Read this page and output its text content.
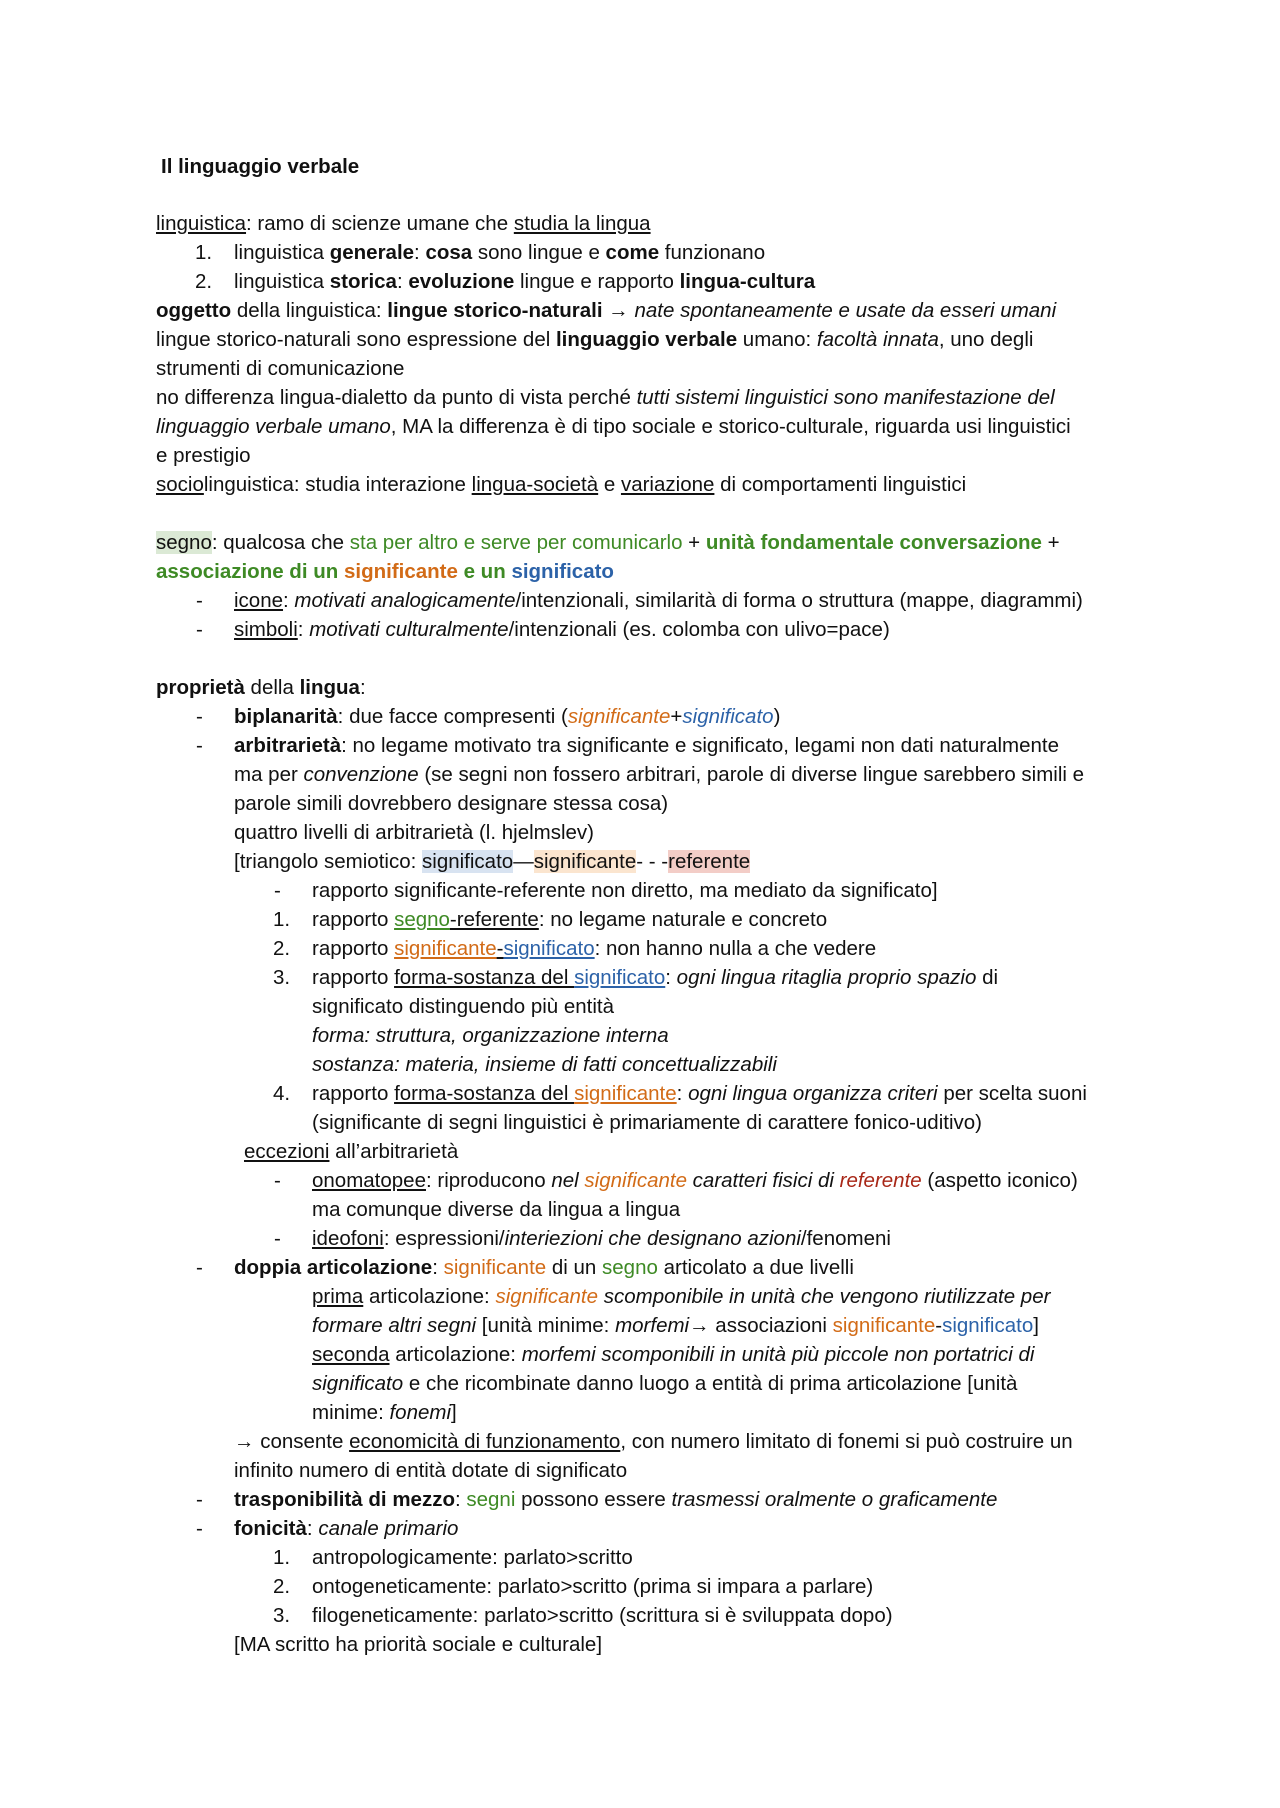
Il linguaggio verbale
linguistica: ramo di scienze umane che studia la lingua
1. linguistica generale: cosa sono lingue e come funzionano
2. linguistica storica: evoluzione lingue e rapporto lingua-cultura
oggetto della linguistica: lingue storico-naturali → nate spontaneamente e usate da esseri umani
lingue storico-naturali sono espressione del linguaggio verbale umano: facoltà innata, uno degli
strumenti di comunicazione
no differenza lingua-dialetto da punto di vista perché tutti sistemi linguistici sono manifestazione del
linguaggio verbale umano, MA la differenza è di tipo sociale e storico-culturale, riguarda usi linguistici
e prestigio
sociolinguistica: studia interazione lingua-società e variazione di comportamenti linguistici
segno: qualcosa che sta per altro e serve per comunicarlo + unità fondamentale conversazione +
associazione di un significante e un significato
- icone: motivati analogicamente/intenzionali, similarità di forma o struttura (mappe, diagrammi)
- simboli: motivati culturalmente/intenzionali (es. colomba con ulivo=pace)
proprietà della lingua:
- biplanarità: due facce compresenti (significante+significato)
- arbitrarietà: no legame motivato tra significante e significato, legami non dati naturalmente
ma per convenzione (se segni non fossero arbitrari, parole di diverse lingue sarebbero simili e
parole simili dovrebbero designare stessa cosa)
quattro livelli di arbitrarietà (l. hjelmslev)
[triangolo semiotico: significato—significante- - -referente
- rapporto significante-referente non diretto, ma mediato da significato]
1. rapporto segno-referente: no legame naturale e concreto
2. rapporto significante-significato: non hanno nulla a che vedere
3. rapporto forma-sostanza del significato: ogni lingua ritaglia proprio spazio di
significato distinguendo più entità
forma: struttura, organizzazione interna
sostanza: materia, insieme di fatti concettualizzabili
4. rapporto forma-sostanza del significante: ogni lingua organizza criteri per scelta suoni
(significante di segni linguistici è primariamente di carattere fonico-uditivo)
eccezioni all’arbitrarietà
- onomatopee: riproducono nel significante caratteri fisici di referente (aspetto iconico)
ma comunque diverse da lingua a lingua
- ideofoni: espressioni/interiezioni che designano azioni/fenomeni
- doppia articolazione: significante di un segno articolato a due livelli
prima articolazione: significante scomponibile in unità che vengono riutilizzate per
formare altri segni [unità minime: morfemi→ associazioni significante-significato]
seconda articolazione: morfemi scomponibili in unità più piccole non portatrici di
significato e che ricombinate danno luogo a entità di prima articolazione [unità
minime: fonemi]
→ consente economicità di funzionamento, con numero limitato di fonemi si può costruire un
infinito numero di entità dotate di significato
- trasponibilità di mezzo: segni possono essere trasmessi oralmente o graficamente
- fonicità: canale primario
1. antropologicamente: parlato>scritto
2. ontogeneticamente: parlato>scritto (prima si impara a parlare)
3. filogeneticamente: parlato>scritto (scrittura si è sviluppata dopo)
[MA scritto ha priorità sociale e culturale]
